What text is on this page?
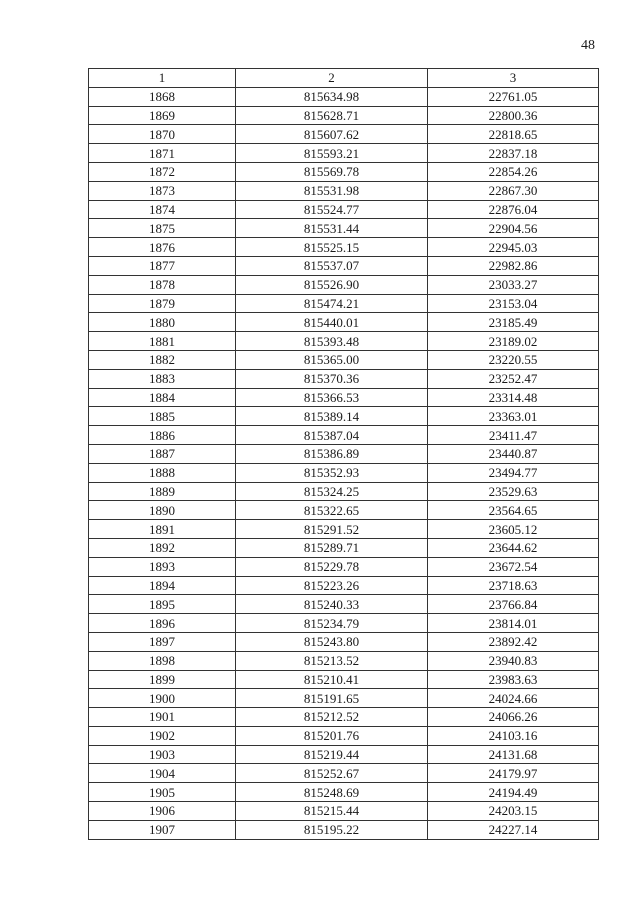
48
1	2	3
1868	815634.98	22761.05
1869	815628.71	22800.36
1870	815607.62	22818.65
1871	815593.21	22837.18
1872	815569.78	22854.26
1873	815531.98	22867.30
1874	815524.77	22876.04
1875	815531.44	22904.56
1876	815525.15	22945.03
1877	815537.07	22982.86
1878	815526.90	23033.27
1879	815474.21	23153.04
1880	815440.01	23185.49
1881	815393.48	23189.02
1882	815365.00	23220.55
1883	815370.36	23252.47
1884	815366.53	23314.48
1885	815389.14	23363.01
1886	815387.04	23411.47
1887	815386.89	23440.87
1888	815352.93	23494.77
1889	815324.25	23529.63
1890	815322.65	23564.65
1891	815291.52	23605.12
1892	815289.71	23644.62
1893	815229.78	23672.54
1894	815223.26	23718.63
1895	815240.33	23766.84
1896	815234.79	23814.01
1897	815243.80	23892.42
1898	815213.52	23940.83
1899	815210.41	23983.63
1900	815191.65	24024.66
1901	815212.52	24066.26
1902	815201.76	24103.16
1903	815219.44	24131.68
1904	815252.67	24179.97
1905	815248.69	24194.49
1906	815215.44	24203.15
1907	815195.22	24227.14
